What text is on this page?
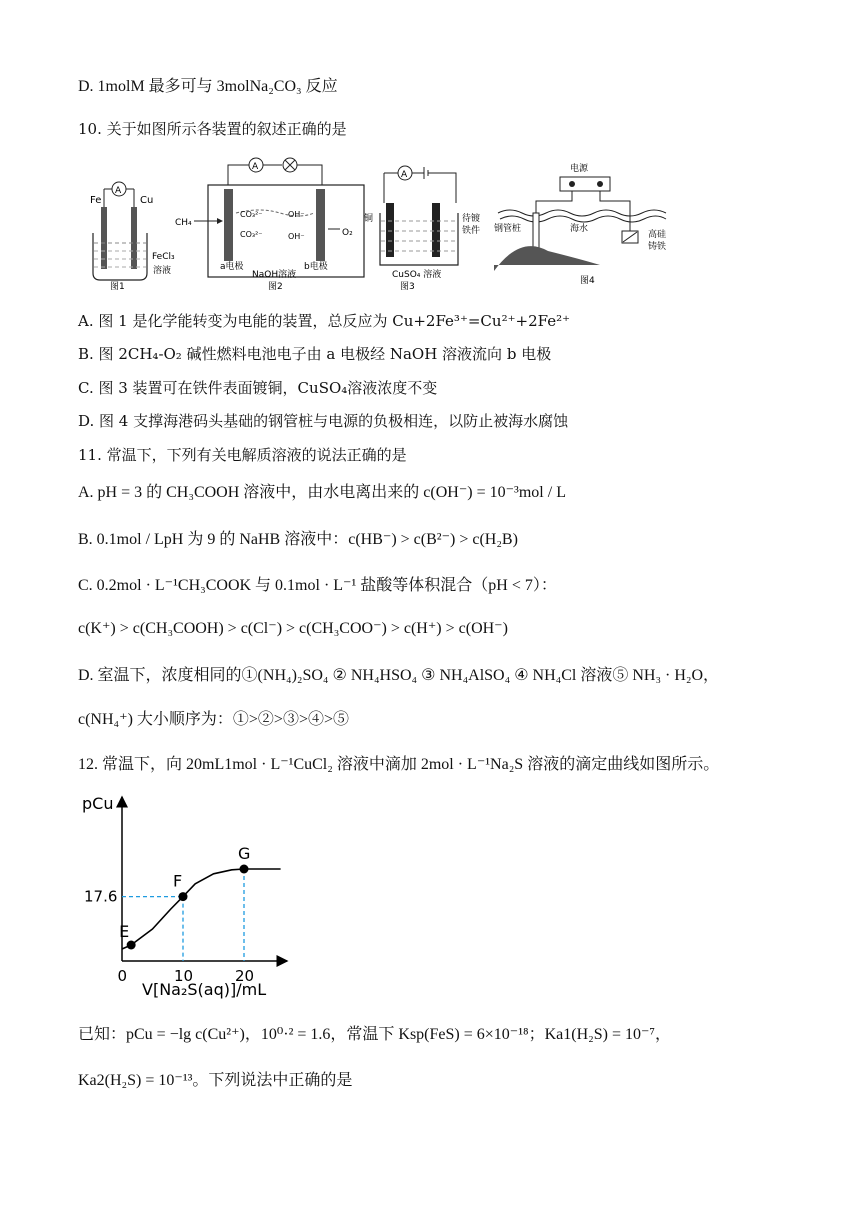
D. 1molM 最多可与 3molNa₂CO₃ 反应
10. 关于如图所示各装置的叙述正确的是
Fe	Cu
A
FeCl₃
溶液
图1
A
CH₄
O₂
CO₃²⁻
CO₃²⁻
OH⁻
OH⁻
a电极	b电极
NaOH溶液
图2
A
铜	待镀
铁件
CuSO₄ 溶液
图3
电源
钢管桩	海水
高硅
铸铁
图4
A. 图 1 是化学能转变为电能的装置，总反应为 Cu+2Fe³⁺=Cu²⁺+2Fe²⁺
B. 图 2CH₄-O₂ 碱性燃料电池电子由 a 电极经 NaOH 溶液流向 b 电极
C. 图 3 装置可在铁件表面镀铜，CuSO₄溶液浓度不变
D. 图 4 支撑海港码头基础的钢管桩与电源的负极相连，以防止被海水腐蚀
11. 常温下，下列有关电解质溶液的说法正确的是
A. pH = 3 的 CH₃COOH 溶液中，由水电离出来的 c(OH⁻) = 10⁻³mol / L
B. 0.1mol / LpH 为 9 的 NaHB 溶液中：c(HB⁻) > c(B²⁻) > c(H₂B)
C. 0.2mol · L⁻¹CH₃COOK 与 0.1mol · L⁻¹ 盐酸等体积混合（pH < 7）：
c(K⁺) > c(CH₃COOH) > c(Cl⁻) > c(CH₃COO⁻) > c(H⁺) > c(OH⁻)
D. 室温下，浓度相同的①(NH₄)₂SO₄ ② NH₄HSO₄ ③ NH₄AlSO₄ ④ NH₄Cl 溶液⑤ NH₃ · H₂O，
c(NH₄⁺) 大小顺序为：①>②>③>④>⑤
12. 常温下，向 20mL1mol · L⁻¹CuCl₂ 溶液中滴加 2mol · L⁻¹Na₂S 溶液的滴定曲线如图所示。
pCu
V[Na₂S(aq)]/mL
E
F
G
0	10	20
17.6
已知：pCu = −lg c(Cu²⁺)，10⁰·² = 1.6，常温下 Ksp(FeS) = 6×10⁻¹⁸；Ka1(H₂S) = 10⁻⁷，
Ka2(H₂S) = 10⁻¹³。下列说法中正确的是
